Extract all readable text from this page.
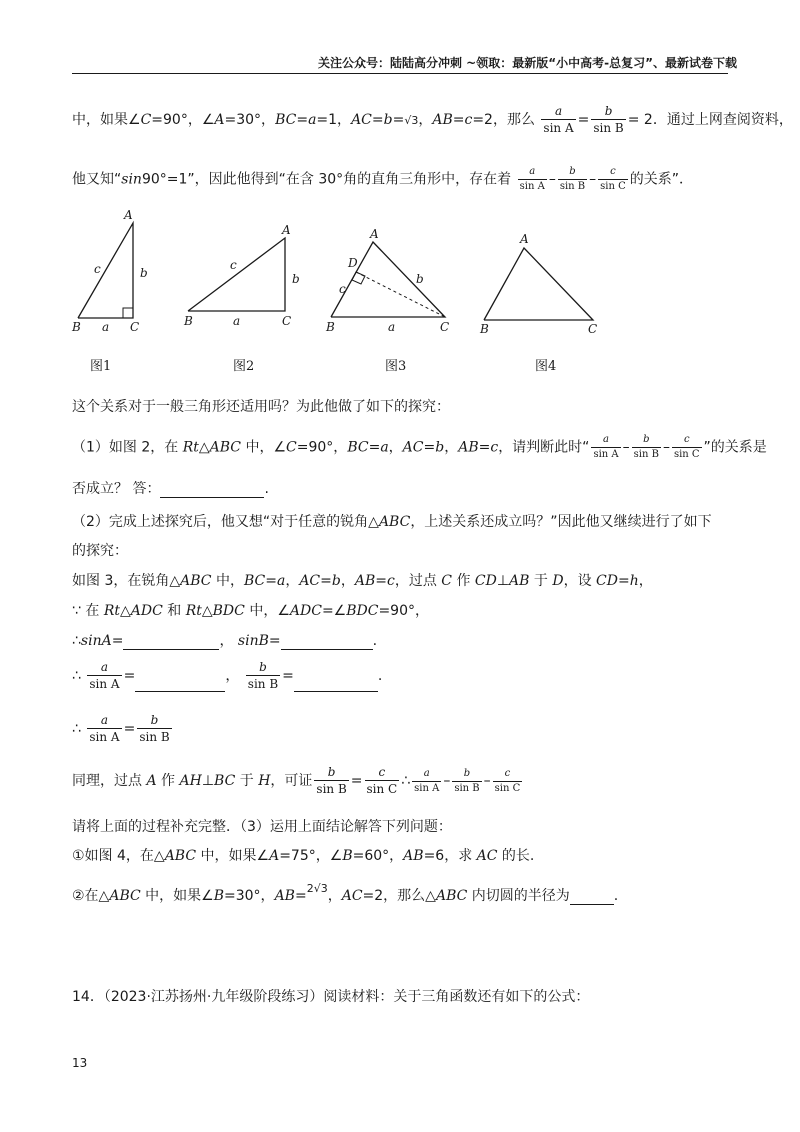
关注公众号：陆陆高分冲刺 ~领取：最新版“小中高考-总复习”、最新试卷下载
中，如果∠C=90°，∠A=30°，BC=a=1，AC=b=√3，AB=c=2，那么 $\frac{a}{\text{sin A}} = \frac{b}{\text{sin B}} = 2$．通过上网查阅资料，
他又知“sin90°=1”，因此他得到“在含 30°角的直角三角形中，存在着 $\frac{a}{\text{sin A}} - \frac{b}{\text{sin B}} - \frac{c}{\text{sin C}}$ 的关系”．
A
B	C
a
b
c
A
B	C
a
b
c
A
B	C
D
a
b
c
A
B	C
图1	图2	图3	图4
这个关系对于一般三角形还适用吗？为此他做了如下的探究：
（1）如图 2，在 Rt△ABC 中，∠C=90°，BC=a，AC=b，AB=c，请判断此时“ $\frac{a}{\text{sin A}} - \frac{b}{\text{sin B}} - \frac{c}{\text{sin C}}$ ”的关系是
否成立？ 答：	.
（2）完成上述探究后，他又想“对于任意的锐角△ABC，上述关系还成立吗？”因此他又继续进行了如下
的探究：
如图 3，在锐角△ABC 中，BC=a，AC=b，AB=c，过点 C 作 CD⊥AB 于 D，设 CD=h，
∵ 在 Rt△ADC 和 Rt△BDC 中，∠ADC=∠BDC=90°，
∴sinA=	， sinB=	.
∴ $\frac{a}{\text{sin A}}$ =	， $\frac{b}{\text{sin B}}$ =	.
∴ $\frac{a}{\text{sin A}} = \frac{b}{\text{sin B}}$
同理，过点 A 作 AH⊥BC 于 H，可证 $\frac{b}{\text{sin B}} = \frac{c}{\text{sin C}}$ ∴ $\frac{a}{\text{sin A}} - \frac{b}{\text{sin B}} - \frac{c}{\text{sin C}}$
请将上面的过程补充完整．（3）运用上面结论解答下列问题：
①如图 4，在△ABC 中，如果∠A=75°，∠B=60°，AB=6，求 AC 的长.
②在△ABC 中，如果∠B=30°，AB=$^{2√3}$，AC=2，那么△ABC 内切圆的半径为	.
14．（2023·江苏扬州·九年级阶段练习）阅读材料：关于三角函数还有如下的公式：
13
